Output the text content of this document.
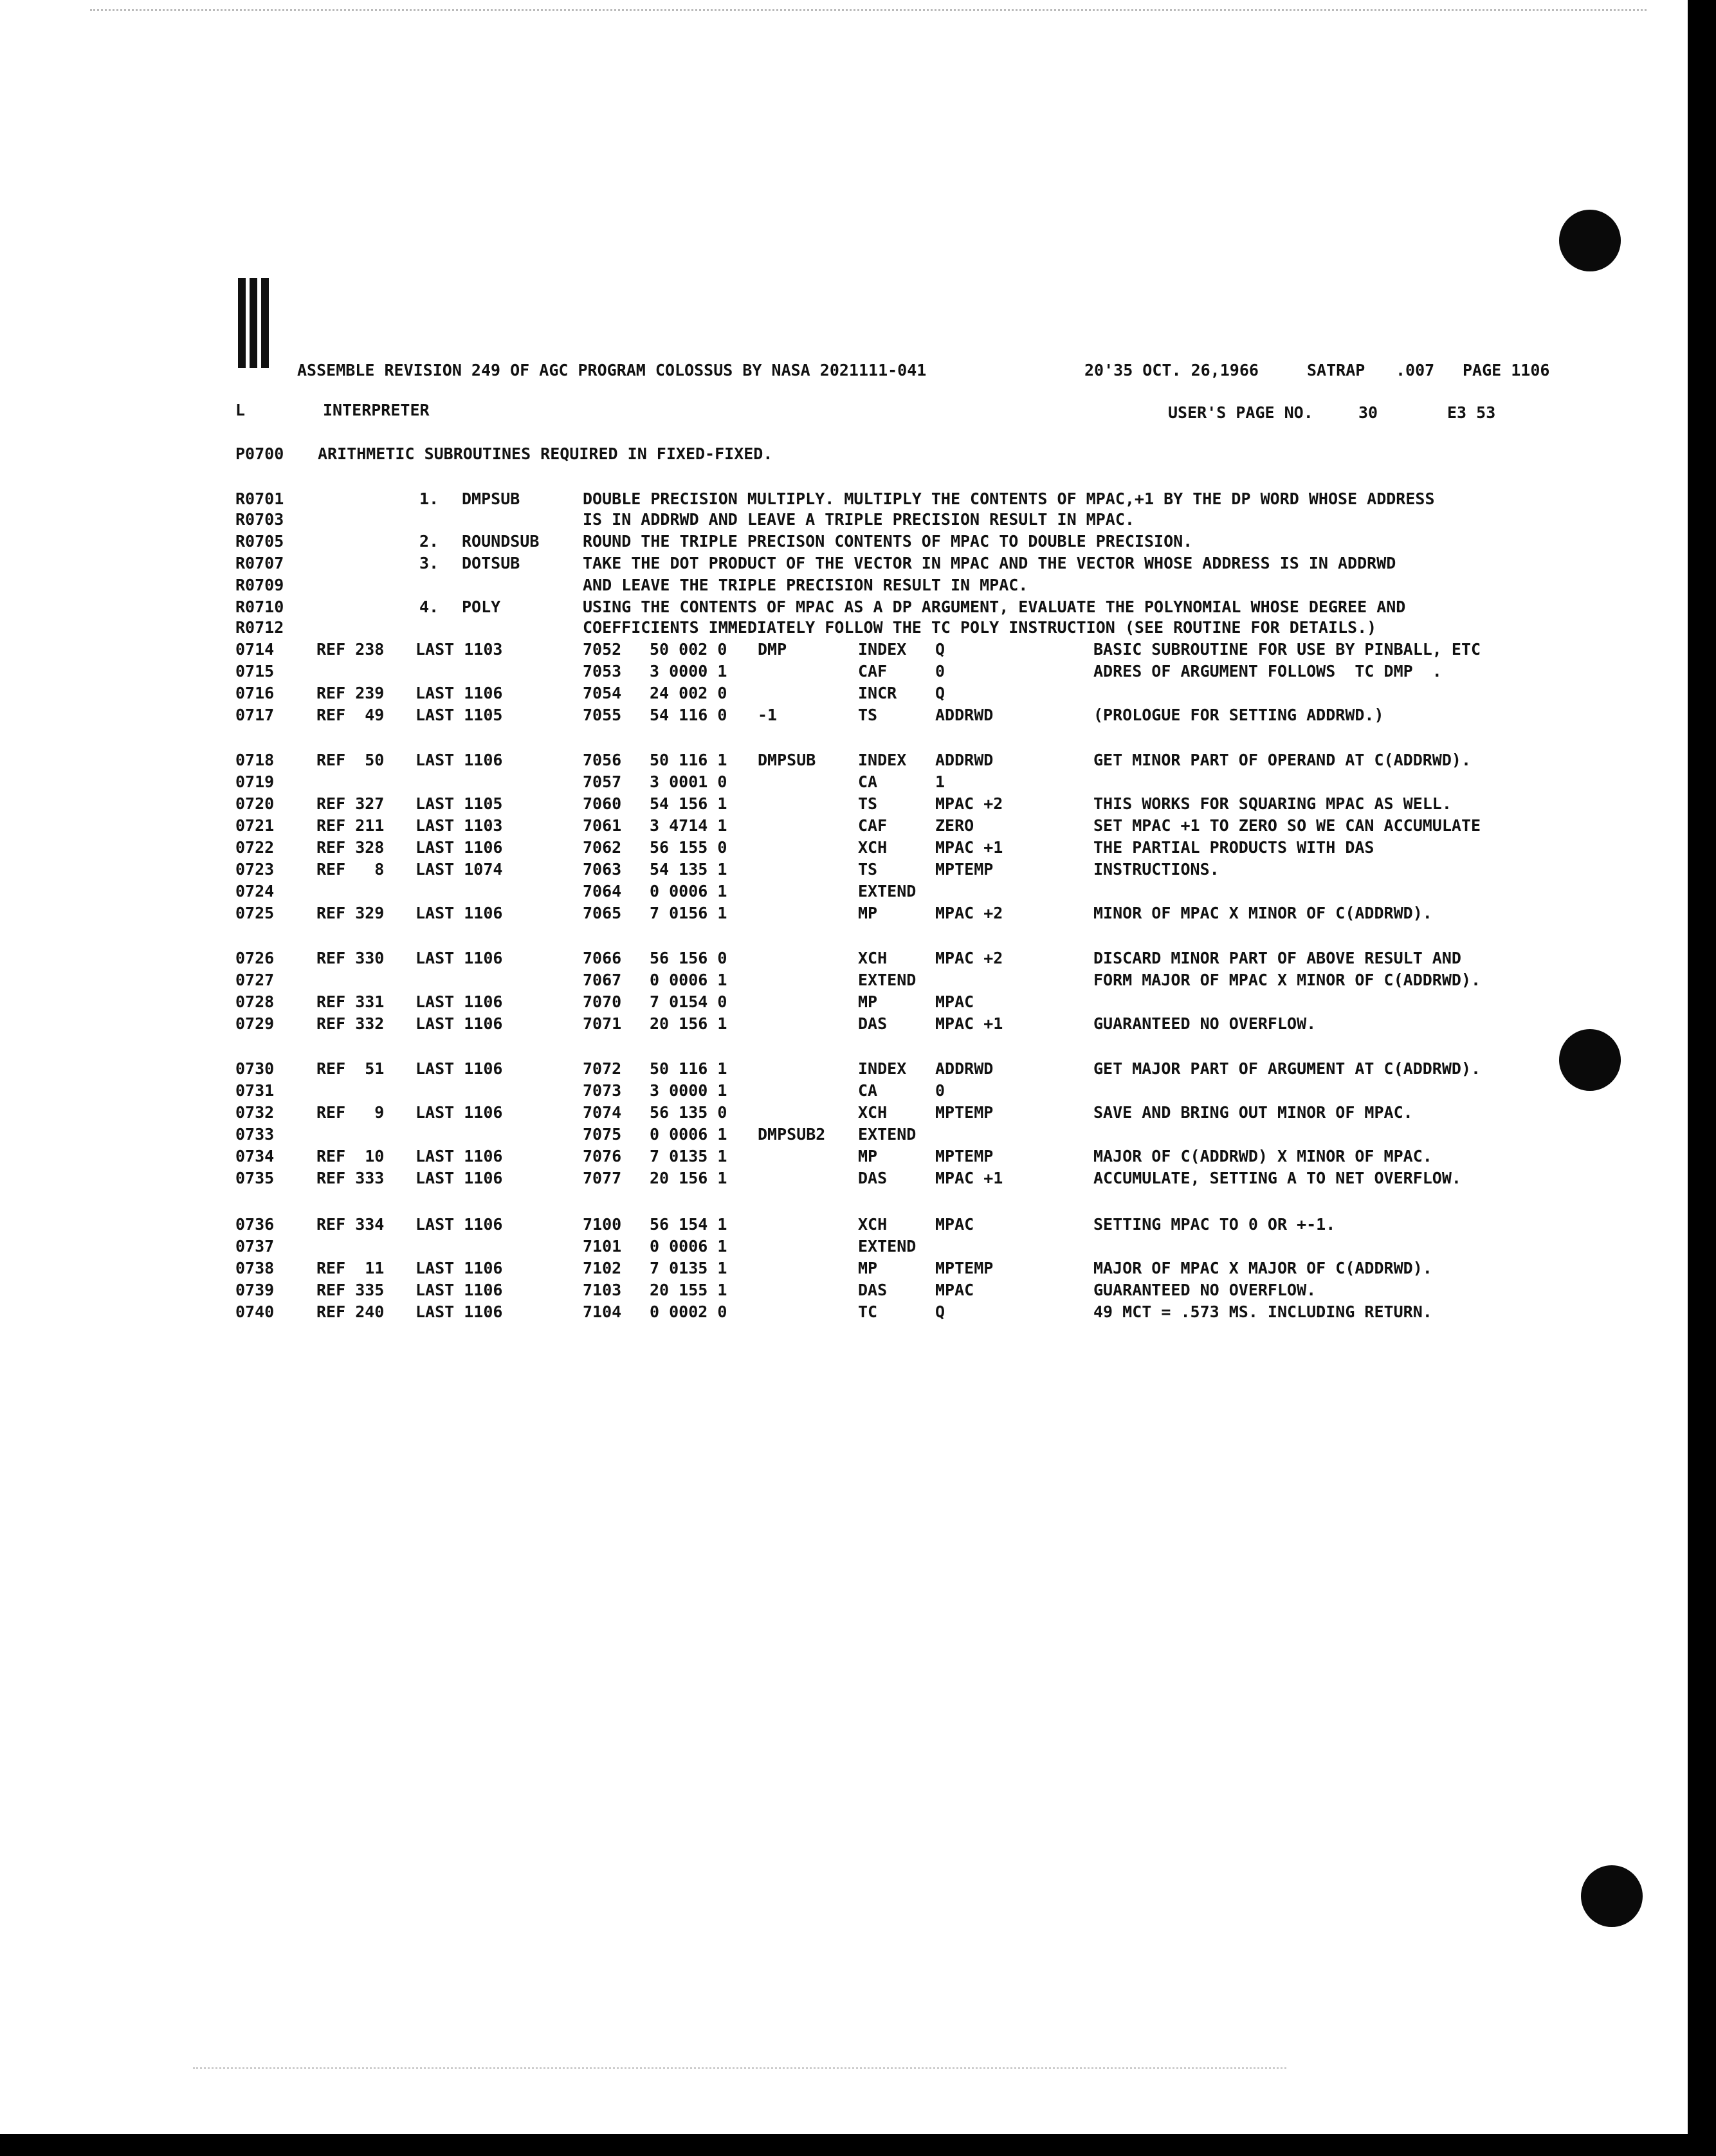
ASSEMBLE REVISION 249 OF AGC PROGRAM COLOSSUS BY NASA 2021111-041	20'35 OCT. 26,1966	SATRAP .007 PAGE 1106
L	INTERPRETER	USER'S PAGE NO.	30	E3 53
P0700 ARITHMETIC SUBROUTINES REQUIRED IN FIXED-FIXED.
R0701	1. DMPSUB	DOUBLE PRECISION MULTIPLY. MULTIPLY THE CONTENTS OF MPAC,+1 BY THE DP WORD WHOSE ADDRESS
R0703	IS IN ADDRWD AND LEAVE A TRIPLE PRECISION RESULT IN MPAC.
R0705	2. ROUNDSUB	ROUND THE TRIPLE PRECISON CONTENTS OF MPAC TO DOUBLE PRECISION.
R0707	3. DOTSUB	TAKE THE DOT PRODUCT OF THE VECTOR IN MPAC AND THE VECTOR WHOSE ADDRESS IS IN ADDRWD
R0709	AND LEAVE THE TRIPLE PRECISION RESULT IN MPAC.
R0710	4. POLY	USING THE CONTENTS OF MPAC AS A DP ARGUMENT, EVALUATE THE POLYNOMIAL WHOSE DEGREE AND
R0712	COEFFICIENTS IMMEDIATELY FOLLOW THE TC POLY INSTRUCTION (SEE ROUTINE FOR DETAILS.)
0714	REF 238 LAST 1103	7052 50 002 0 DMP	INDEX Q	BASIC SUBROUTINE FOR USE BY PINBALL, ETC
0715	7053 3 0000 1	CAF	0	ADRES OF ARGUMENT FOLLOWS  TC DMP  .
0716	REF 239 LAST 1106	7054 24 002 0	INCR Q
0717	REF  49 LAST 1105	7055 54 116 0 -1	TS	ADDRWD	(PROLOGUE FOR SETTING ADDRWD.)
0718	REF  50 LAST 1106	7056 50 116 1 DMPSUB	INDEX ADDRWD	GET MINOR PART OF OPERAND AT C(ADDRWD).
0719	7057 3 0001 0	CA	1
0720	REF 327 LAST 1105	7060 54 156 1	TS	MPAC +2	THIS WORKS FOR SQUARING MPAC AS WELL.
0721	REF 211 LAST 1103	7061 3 4714 1	CAF	ZERO	SET MPAC +1 TO ZERO SO WE CAN ACCUMULATE
0722	REF 328 LAST 1106	7062 56 155 0	XCH	MPAC +1	THE PARTIAL PRODUCTS WITH DAS
0723	REF   8 LAST 1074	7063 54 135 1	TS	MPTEMP	INSTRUCTIONS.
0724	7064 0 0006 1	EXTEND
0725	REF 329 LAST 1106	7065 7 0156 1	MP	MPAC +2	MINOR OF MPAC X MINOR OF C(ADDRWD).
0726	REF 330 LAST 1106	7066 56 156 0	XCH	MPAC +2	DISCARD MINOR PART OF ABOVE RESULT AND
0727	7067 0 0006 1	EXTEND	FORM MAJOR OF MPAC X MINOR OF C(ADDRWD).
0728	REF 331 LAST 1106	7070 7 0154 0	MP	MPAC
0729	REF 332 LAST 1106	7071 20 156 1	DAS	MPAC +1	GUARANTEED NO OVERFLOW.
0730	REF  51 LAST 1106	7072 50 116 1	INDEX ADDRWD	GET MAJOR PART OF ARGUMENT AT C(ADDRWD).
0731	7073 3 0000 1	CA	0
0732	REF   9 LAST 1106	7074 56 135 0	XCH	MPTEMP	SAVE AND BRING OUT MINOR OF MPAC.
0733	7075 0 0006 1 DMPSUB2 EXTEND
0734	REF  10 LAST 1106	7076 7 0135 1	MP	MPTEMP	MAJOR OF C(ADDRWD) X MINOR OF MPAC.
0735	REF 333 LAST 1106	7077 20 156 1	DAS	MPAC +1	ACCUMULATE, SETTING A TO NET OVERFLOW.
0736	REF 334 LAST 1106	7100 56 154 1	XCH	MPAC	SETTING MPAC TO 0 OR +-1.
0737	7101 0 0006 1	EXTEND
0738	REF  11 LAST 1106	7102 7 0135 1	MP	MPTEMP	MAJOR OF MPAC X MAJOR OF C(ADDRWD).
0739	REF 335 LAST 1106	7103 20 155 1	DAS	MPAC	GUARANTEED NO OVERFLOW.
0740	REF 240 LAST 1106	7104 0 0002 0	TC	Q	49 MCT = .573 MS. INCLUDING RETURN.
